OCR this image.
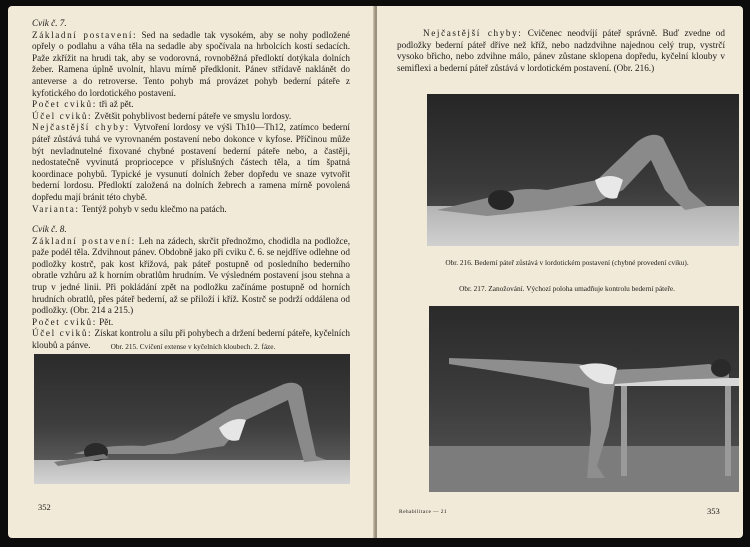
Cvik č. 7.

Základní postavení: Sed na sedadle tak vysokém, aby se nohy podložené opřely o podlahu a váha těla na sedadle aby spočívala na hrbolcích kostí sedacích. Paže zkřížit na hrudi tak, aby se vodorovná, rovnoběžná předloktí dotýkala dolních žeber. Ramena úplně uvolnit, hlavu mírně předklonit. Pánev střídavě naklánět do anteverse a do retroverse. Tento pohyb má provázet pohyb bederní páteře z kyfotického do lordotického postavení.

Počet cviků: tři až pět.

Účel cviků: Zvětšit pohyblivost bederní páteře ve smyslu lordosy.

Nejčastější chyby: Vytvoření lordosy ve výši Th10—Th12, zatímco bederní páteř zůstává tuhá ve vyrovnaném postavení nebo dokonce v kyfose. Příčinou může být nevladnutelné fixované chybné postavení bederní páteře nebo, a častěji, nedostatečně vyvinutá propriocepce v příslušných částech těla, a tím špatná koordinace pohybů. Typické je vysunutí dolních žeber dopředu ve snaze vytvořit bederní lordosu. Předloktí založená na dolních žebrech a ramena mírně povolená dopředu mají bránit této chybě.

Varianta: Tentýž pohyb v sedu klečmo na patách.

Cvik č. 8.

Základní postavení: Leh na zádech, skrčit přednožmo, chodidla na podložce, paže podél těla. Zdvihnout pánev. Obdobně jako při cviku č. 6. se nejdříve odlehne od podložky kostrč, pak kost křížová, pak páteř postupně od posledního bederního obratle vzhůru až k horním obratlům hrudním. Ve výsledném postavení jsou stehna a trup v jedné linii. Při pokládání zpět na podložku začínáme postupně od horních hrudních obratlů, přes páteř bederní, až se přiloží i kříž. Kostrč se podrží oddálena od podložky. (Obr. 214 a 215.)

Počet cviků: Pět.

Účel cviků: Získat kontrolu a sílu při pohybech a držení bederní páteře, kyčelních kloubů a pánve.	Obr. 215. Cvičení extense v kyčelních kloubech. 2. fáze.
352

Nejčastější chyby: Cvičenec neodvíjí páteř správně. Buď zvedne od podložky bederní páteř dříve než kříž, nebo nadzdvihne najednou celý trup, vystrčí vysoko břicho, nebo zdvihne málo, pánev zůstane sklopena dopředu, kyčelní klouby v semiflexi a bederní páteř zůstává v lordotickém postavení. (Obr. 216.)

Obr. 216. Bederní páteř zůstává v lordotickém postavení (chybné provedení cviku).
Obr. 217. Zanožování. Výchozí poloha umadňuje kontrolu bederní páteře.
Rehabilitace — 21	353
